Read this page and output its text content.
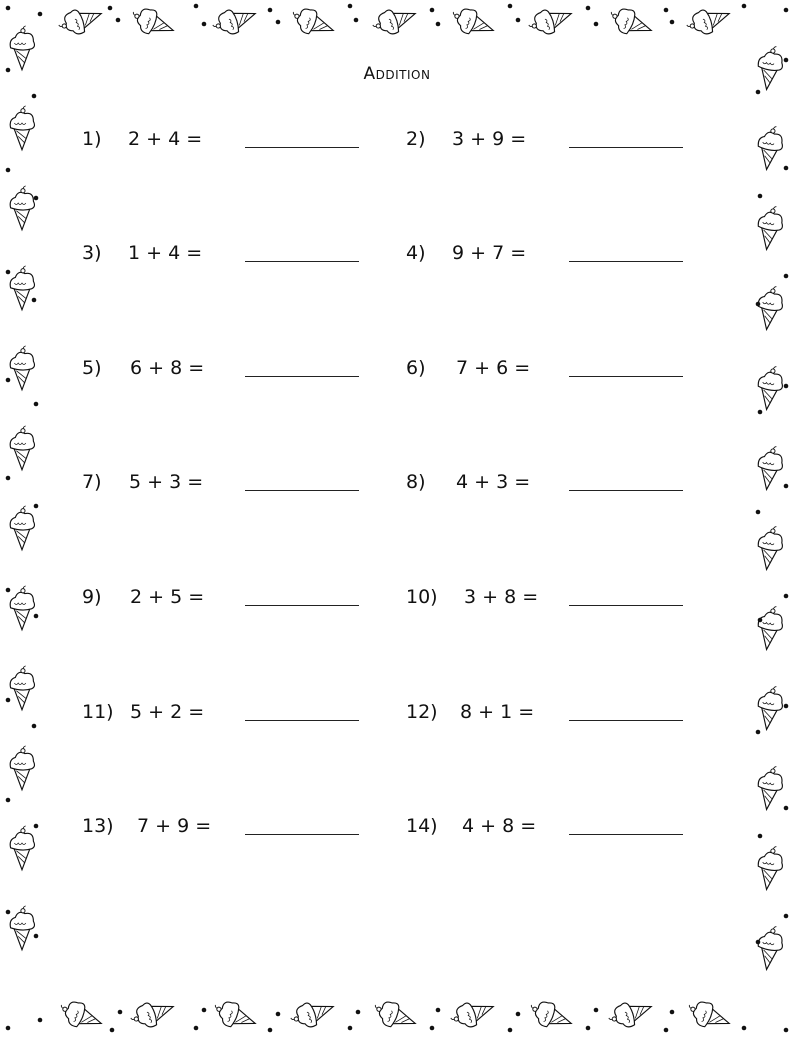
Addition
1) 2 + 4 =	2) 3 + 9 =
3) 1 + 4 =	4) 9 + 7 =
5) 6 + 8 =	6) 7 + 6 =
7) 5 + 3 =	8) 4 + 3 =
9) 2 + 5 =	10) 3 + 8 =
11) 5 + 2 =	12) 8 + 1 =
13) 7 + 9 =	14) 4 + 8 =
